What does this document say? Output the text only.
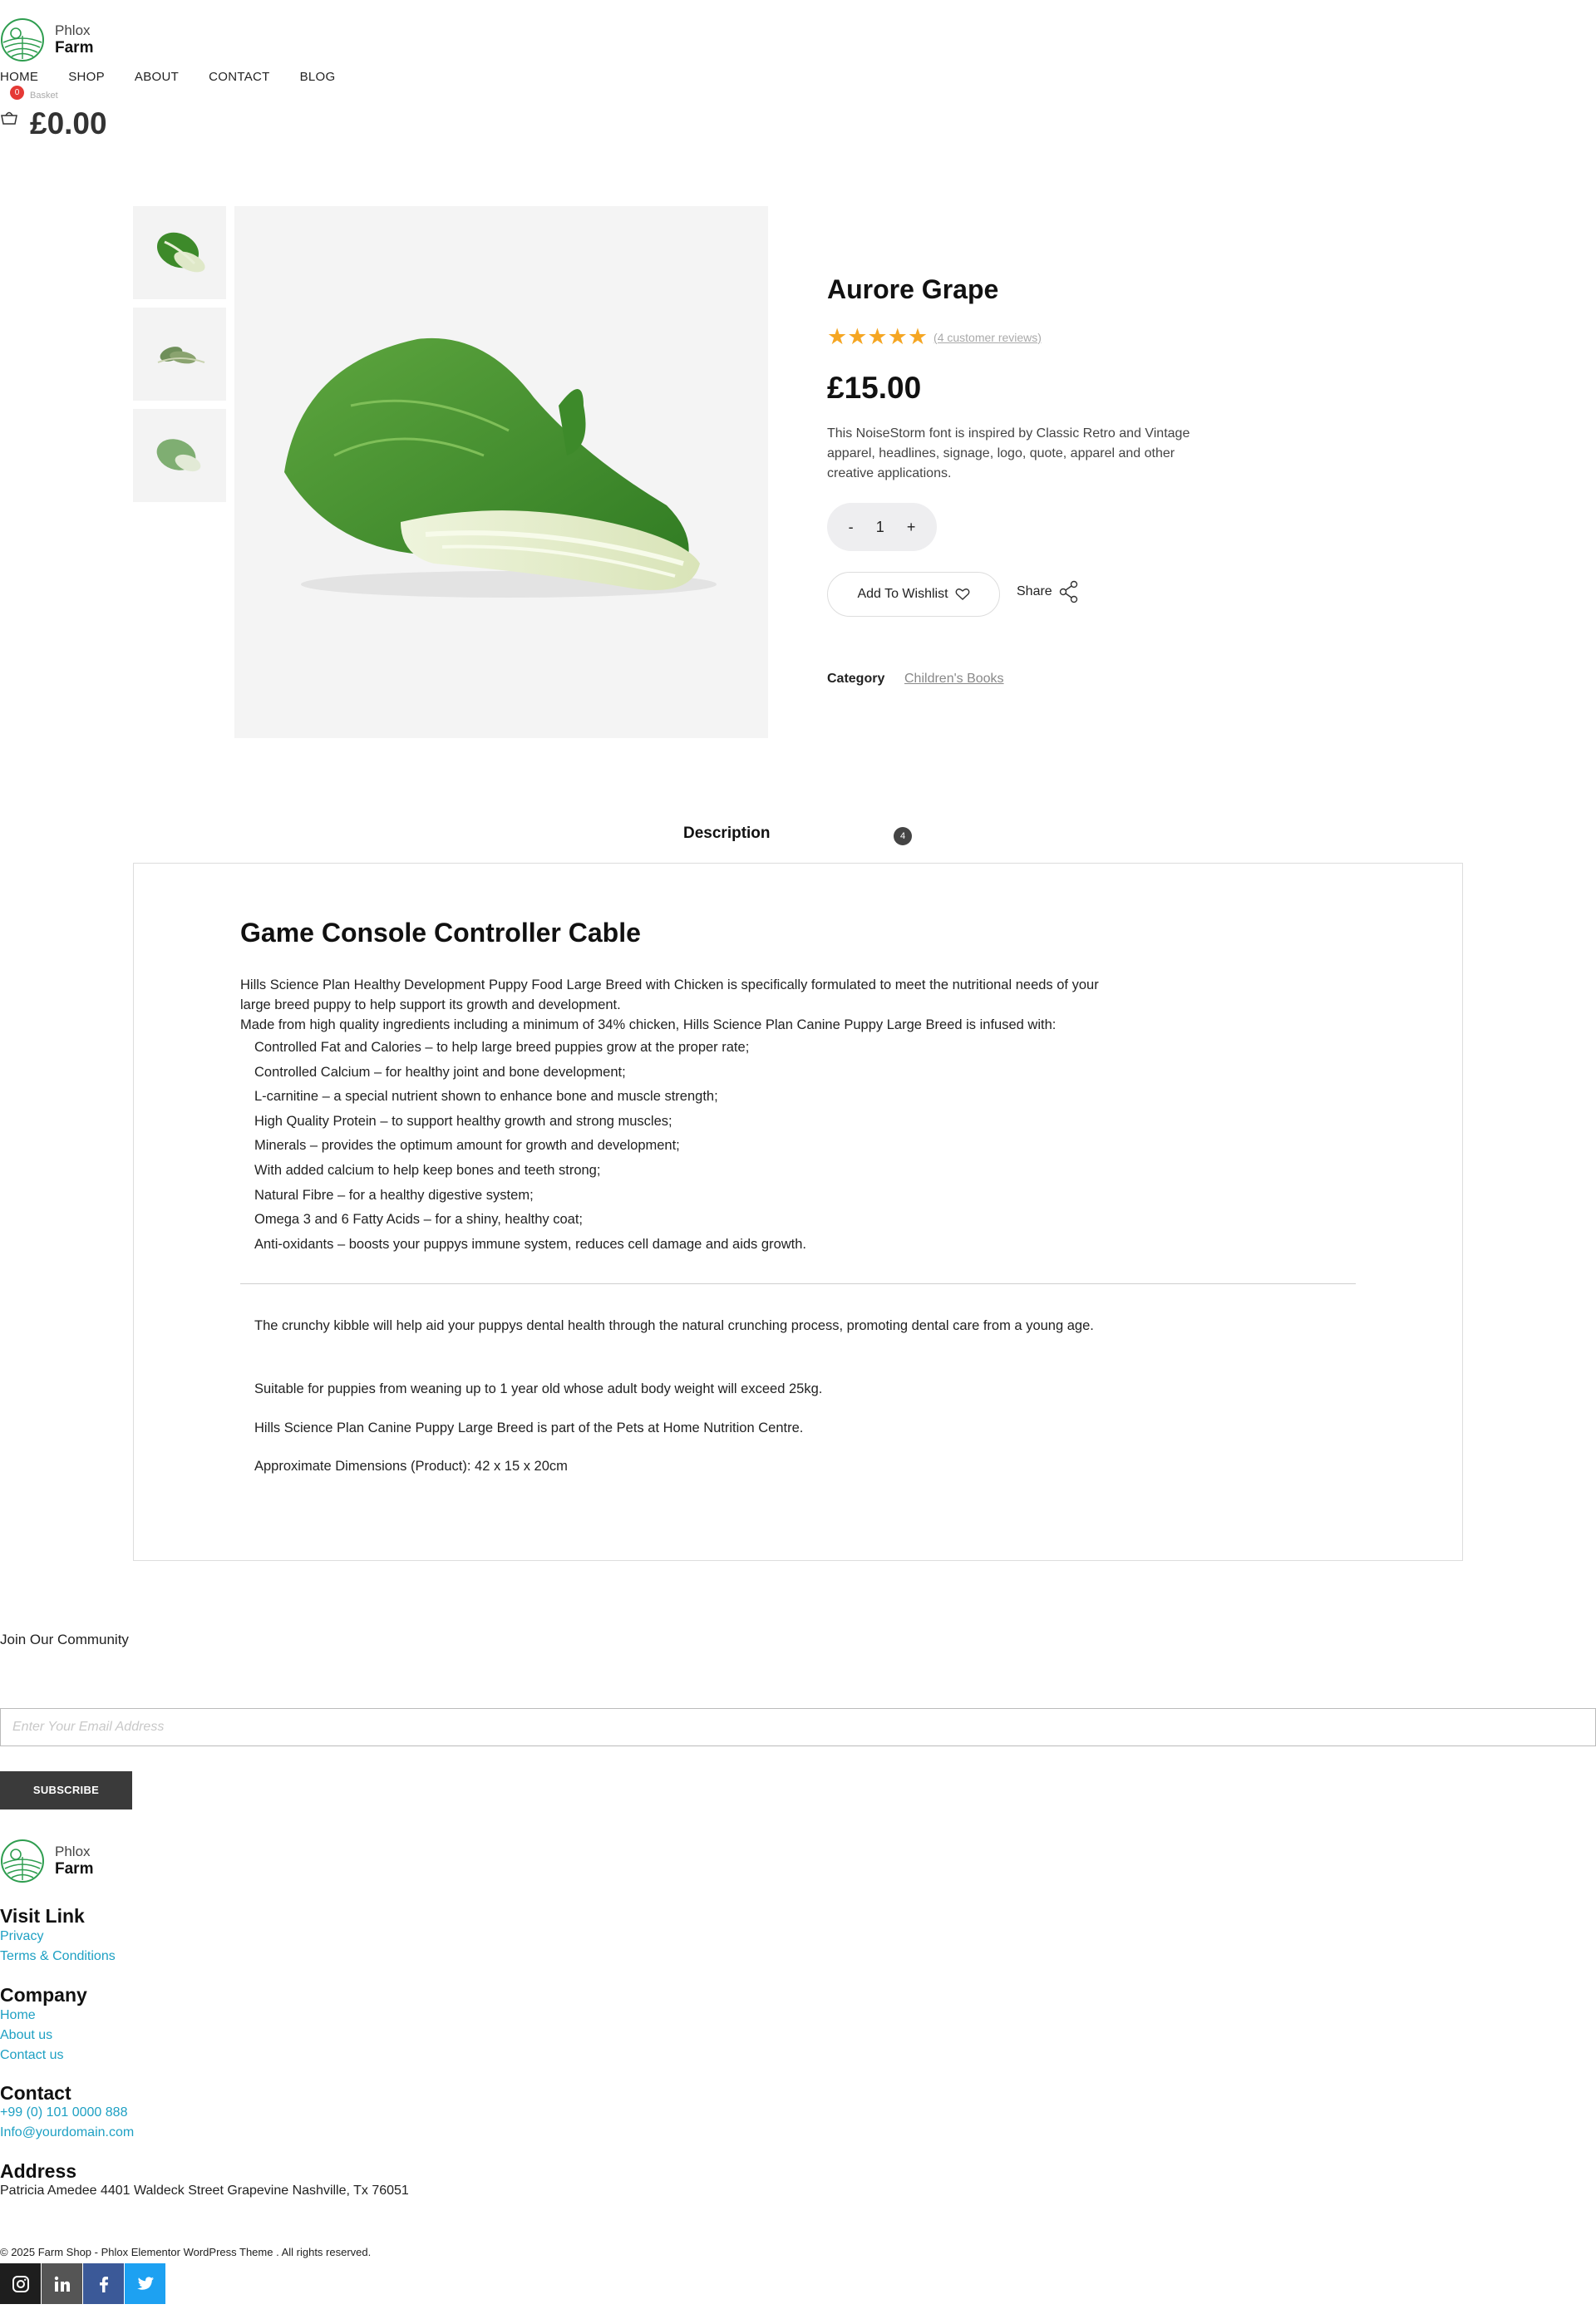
Phlox
Farm
HOME SHOP ABOUT CONTACT BLOG
0	Basket
£0.00
Aurore Grape
★★★★★ (4 customer reviews)
£15.00

This NoiseStorm font is inspired by Classic Retro and Vintage apparel, headlines, signage, logo, quote, apparel and other creative applications.

- 1 +
Add To Wishlist	Share
Category Children's Books
Description	4
Game Console Controller Cable

Hills Science Plan Healthy Development Puppy Food Large Breed with Chicken is specifically formulated to meet the nutritional needs of your large breed puppy to help support its growth and development.

Made from high quality ingredients including a minimum of 34% chicken, Hills Science Plan Canine Puppy Large Breed is infused with:

Controlled Fat and Calories – to help large breed puppies grow at the proper rate;
Controlled Calcium – for healthy joint and bone development;
L-carnitine – a special nutrient shown to enhance bone and muscle strength;
High Quality Protein – to support healthy growth and strong muscles;
Minerals – provides the optimum amount for growth and development;
With added calcium to help keep bones and teeth strong;
Natural Fibre – for a healthy digestive system;
Omega 3 and 6 Fatty Acids – for a shiny, healthy coat;
Anti-oxidants – boosts your puppys immune system, reduces cell damage and aids growth.

The crunchy kibble will help aid your puppys dental health through the natural crunching process, promoting dental care from a young age.

Suitable for puppies from weaning up to 1 year old whose adult body weight will exceed 25kg.

Hills Science Plan Canine Puppy Large Breed is part of the Pets at Home Nutrition Centre.

Approximate Dimensions (Product): 42 x 15 x 20cm

Join Our Community
Enter Your Email Address
SUBSCRIBE
Phlox
Farm
Visit Link
Privacy
Terms & Conditions
Company
Home
About us
Contact us
Contact
+99 (0) 101 0000 888
Info@yourdomain.com
Address
Patricia Amedee 4401 Waldeck Street Grapevine Nashville, Tx 76051
© 2025 Farm Shop - Phlox Elementor WordPress Theme . All rights reserved.
